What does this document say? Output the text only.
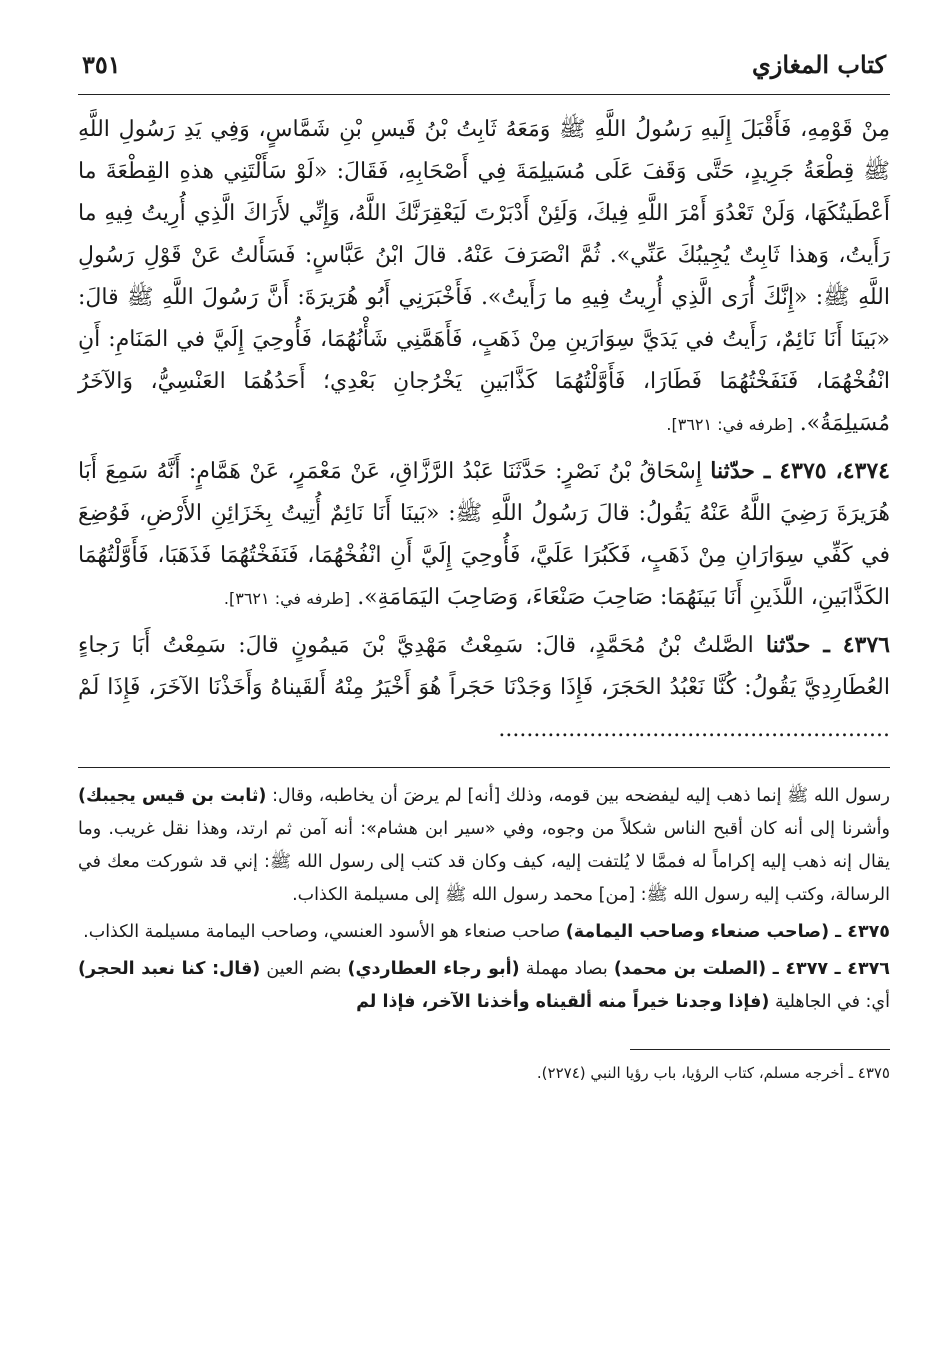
كتاب المغازي
٣٥١

مِنْ قَوْمِهِ، فَأَقْبَلَ إِلَيهِ رَسُولُ اللَّهِ ﷺ وَمَعَهُ ثَابِتُ بْنُ قَيسِ بْنِ شَمَّاسٍ، وَفِي يَدِ رَسُولِ اللَّهِ ﷺ قِطْعَةُ جَرِيدٍ، حَتَّى وَقَفَ عَلَى مُسَيلِمَةَ فِي أَصْحَابِهِ، فَقَالَ: «لَوْ سَأَلْتَنِي هذهِ القِطْعَةَ ما أَعْطَيتُكَهَا، وَلَنْ تَعْدُوَ أَمْرَ اللَّهِ فِيكَ، وَلَئِنْ أَدْبَرْتَ لَيَعْقِرَنَّكَ اللَّهُ، وَإِنِّي لأَرَاكَ الَّذِي أُرِيتُ فِيهِ ما رَأَيتُ، وَهذا ثَابِتٌ يُجِيبُكَ عَنِّي». ثُمَّ انْصَرَفَ عَنْهُ. قالَ ابْنُ عَبَّاسٍ: فَسَأَلتُ عَنْ قَوْلِ رَسُولِ اللَّهِ ﷺ: «إِنَّكَ أُرَى الَّذِي أُرِيتُ فِيهِ ما رَأَيتُ». فَأَخْبَرَنِي أَبُو هُرَيرَةَ: أَنَّ رَسُولَ اللَّهِ ﷺ قالَ: «بَينَا أَنَا نَائِمٌ، رَأَيتُ في يَدَيَّ سِوَارَينِ مِنْ ذَهَبٍ، فَأَهَمَّنِي شَأْنُهُمَا، فَأُوحِيَ إِلَيَّ في المَنَامِ: أَنِ انْفُخْهُمَا، فَنَفَخْتُهُمَا فَطَارَا، فَأَوَّلْتُهُمَا كَذَّابَينِ يَخْرُجانِ بَعْدِي؛ أَحَدُهُمَا العَنْسِيُّ، وَالآخَرُ مُسَيلِمَةُ». [طرفه في: ٣٦٢١].

٤٣٧٤، ٤٣٧٥ ـ حدّثنا إِسْحَاقُ بْنُ نَصْرٍ: حَدَّثَنَا عَبْدُ الرَّزَّاقِ، عَنْ مَعْمَرٍ، عَنْ هَمَّامٍ: أَنَّهُ سَمِعَ أَبَا هُرَيرَةَ رَضِيَ اللَّهُ عَنْهُ يَقُولُ: قالَ رَسُولُ اللَّهِ ﷺ: «بَينَا أَنَا نَائِمٌ أُتِيتُ بِخَزَائِنِ الأَرْضِ، فَوُضِعَ في كَفِّي سِوَارَانِ مِنْ ذَهَبٍ، فَكَبُرَا عَلَيَّ، فَأُوحِيَ إِلَيَّ أَنِ انْفُخْهُمَا، فَنَفَخْتُهُمَا فَذَهَبَا، فَأَوَّلْتُهُمَا الكَذَّابَينِ، اللَّذَينِ أَنَا بَينَهُمَا: صَاحِبَ صَنْعَاءَ، وَصَاحِبَ اليَمَامَةِ». [طرفه في: ٣٦٢١].

٤٣٧٦ ـ حدّثنا الصَّلتُ بْنُ مُحَمَّدٍ، قالَ: سَمِعْتُ مَهْدِيَّ بْنَ مَيمُونٍ قالَ: سَمِعْتُ أَبَا رَجاءٍ العُطَارِدِيَّ يَقُولُ: كُنَّا نَعْبُدُ الحَجَرَ، فَإِذَا وَجَدْنَا حَجَراً هُوَ أَخْيَرُ مِنْهُ أَلقَيناهُ وَأَخَذْنَا الآخَرَ، فَإِذَا لَمْ ........................................................

رسول الله ﷺ إنما ذهب إليه ليفضحه بين قومه، وذلك [أنه] لم يرضَ أن يخاطبه، وقال: (ثابت بن قيس يجيبك) وأشرنا إلى أنه كان أقبح الناس شكلاً من وجوه، وفي «سير ابن هشام»: أنه آمن ثم ارتد، وهذا نقل غريب. وما يقال إنه ذهب إليه إكراماً له فممَّا لا يُلتفت إليه، كيف وكان قد كتب إلى رسول الله ﷺ: إني قد شوركت معك في الرسالة، وكتب إليه رسول الله ﷺ: [من] محمد رسول الله ﷺ إلى مسيلمة الكذاب.

٤٣٧٥ ـ (صاحب صنعاء وصاحب اليمامة) صاحب صنعاء هو الأسود العنسي، وصاحب اليمامة مسيلمة الكذاب.

٤٣٧٦ ـ ٤٣٧٧ ـ (الصلت بن محمد) بصاد مهملة (أبو رجاء العطاردي) بضم العين (قال: كنا نعبد الحجر) أي: في الجاهلية (فإذا وجدنا خيراً منه ألقيناه وأخذنا الآخر، فإذا لم

٤٣٧٥ ـ أخرجه مسلم، كتاب الرؤيا، باب رؤيا النبي (٢٢٧٤).
